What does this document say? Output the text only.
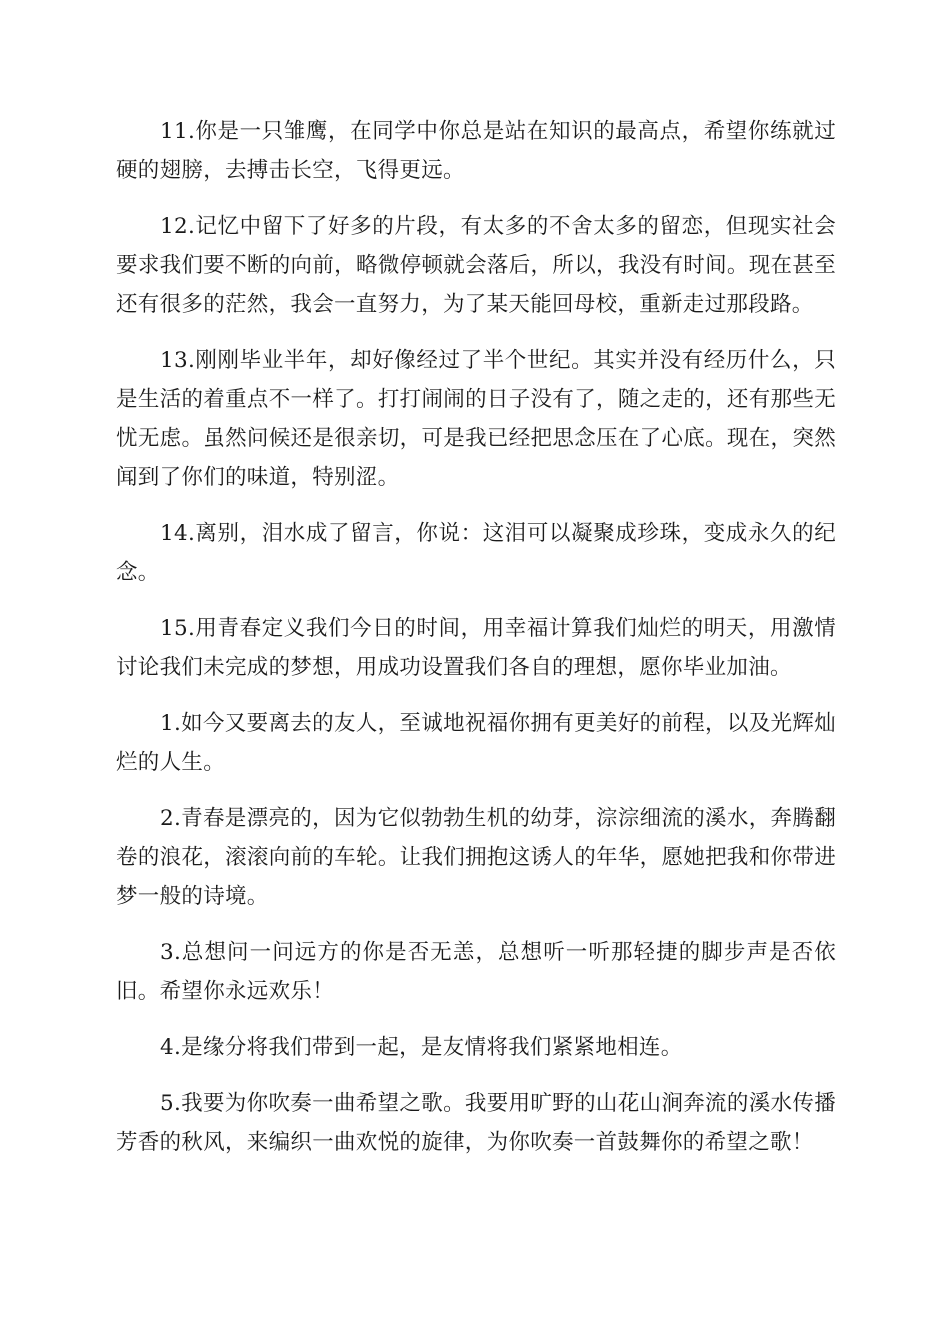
11.你是一只雏鹰，在同学中你总是站在知识的最高点，希望你练就过硬的翅膀，去搏击长空，飞得更远。

12.记忆中留下了好多的片段，有太多的不舍太多的留恋，但现实社会要求我们要不断的向前，略微停顿就会落后，所以，我没有时间。现在甚至还有很多的茫然，我会一直努力，为了某天能回母校，重新走过那段路。

13.刚刚毕业半年，却好像经过了半个世纪。其实并没有经历什么，只是生活的着重点不一样了。打打闹闹的日子没有了，随之走的，还有那些无忧无虑。虽然问候还是很亲切，可是我已经把思念压在了心底。现在，突然闻到了你们的味道，特别涩。

14.离别，泪水成了留言，你说：这泪可以凝聚成珍珠，变成永久的纪念。

15.用青春定义我们今日的时间，用幸福计算我们灿烂的明天，用激情讨论我们未完成的梦想，用成功设置我们各自的理想，愿你毕业加油。

1.如今又要离去的友人，至诚地祝福你拥有更美好的前程，以及光辉灿烂的人生。

2.青春是漂亮的，因为它似勃勃生机的幼芽，淙淙细流的溪水，奔腾翻卷的浪花，滚滚向前的车轮。让我们拥抱这诱人的年华，愿她把我和你带进梦一般的诗境。

3.总想问一问远方的你是否无恙，总想听一听那轻捷的脚步声是否依旧。希望你永远欢乐！

4.是缘分将我们带到一起，是友情将我们紧紧地相连。

5.我要为你吹奏一曲希望之歌。我要用旷野的山花山涧奔流的溪水传播芳香的秋风，来编织一曲欢悦的旋律，为你吹奏一首鼓舞你的希望之歌！
